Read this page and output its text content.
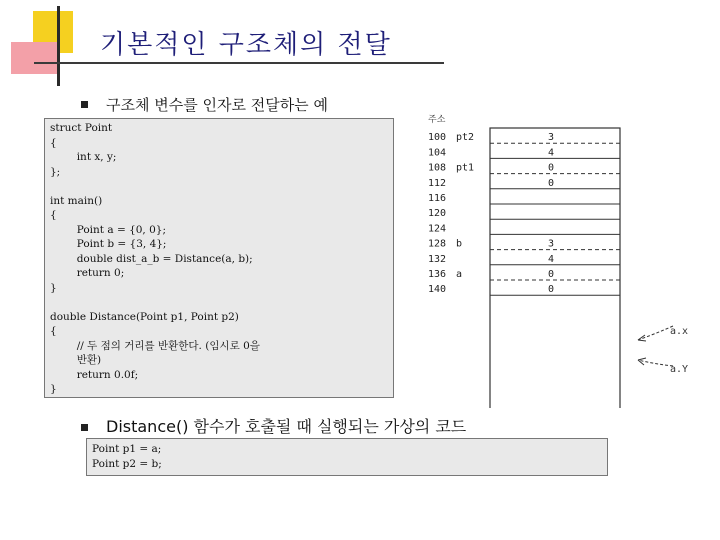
기본적인 구조체의 전달
구조체 변수를 인자로 전달하는 예
struct Point
{
int x, y;
};
int main()
{
Point a = {0, 0};
Point b = {3, 4};
double dist_a_b = Distance(a, b);
return 0;
}
double Distance(Point p1, Point p2)
{
// 두 점의 거리를 반환한다. (임시로 0을
반환)
return 0.0f;
}
Distance() 함수가 호출될 때 실행되는 가상의 코드
Point p1 = a;
Point p2 = b;
주소
100 pt2	3
104	4
108 pt1	0
112	0
116
120
124
128 b	3
132	4
136 a	0
140	0
a.x
a.Y
